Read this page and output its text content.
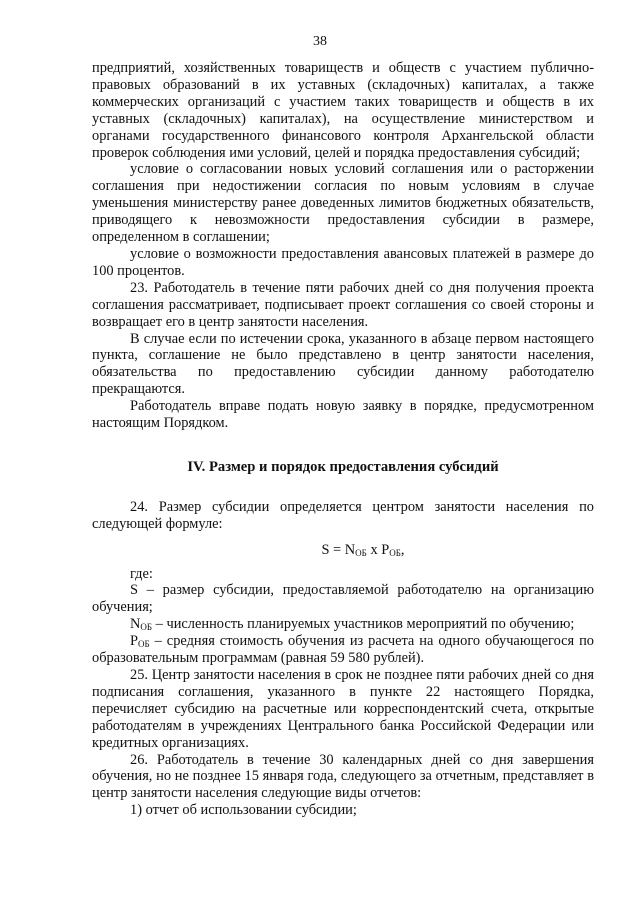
38

предприятий, хозяйственных товариществ и обществ с участием публично-правовых образований в их уставных (складочных) капиталах, а также коммерческих организаций с участием таких товариществ и обществ в их уставных (складочных) капиталах), на осуществление министерством и органами государственного финансового контроля Архангельской области проверок соблюдения ими условий, целей и порядка предоставления субсидий;

условие о согласовании новых условий соглашения или о расторжении соглашения при недостижении согласия по новым условиям в случае уменьшения министерству ранее доведенных лимитов бюджетных обязательств, приводящего к невозможности предоставления субсидии в размере, определенном в соглашении;

условие о возможности предоставления авансовых платежей в размере до 100 процентов.

23. Работодатель в течение пяти рабочих дней со дня получения проекта соглашения рассматривает, подписывает проект соглашения со своей стороны и возвращает его в центр занятости населения.

В случае если по истечении срока, указанного в абзаце первом настоящего пункта, соглашение не было представлено в центр занятости населения, обязательства по предоставлению субсидии данному работодателю прекращаются.

Работодатель вправе подать новую заявку в порядке, предусмотренном настоящим Порядком.

IV. Размер и порядок предоставления субсидий

24. Размер субсидии определяется центром занятости населения по следующей формуле:

$S = N_{ОБ}$ x $P_{ОБ}$,

где:

S – размер субсидии, предоставляемой работодателю на организацию обучения;

$N_{ОБ}$ – численность планируемых участников мероприятий по обучению;

$P_{ОБ}$ – средняя стоимость обучения из расчета на одного обучающегося по образовательным программам (равная 59 580 рублей).

25. Центр занятости населения в срок не позднее пяти рабочих дней со дня подписания соглашения, указанного в пункте 22 настоящего Порядка, перечисляет субсидию на расчетные или корреспондентский счета, открытые работодателям в учреждениях Центрального банка Российской Федерации или кредитных организациях.

26. Работодатель в течение 30 календарных дней со дня завершения обучения, но не позднее 15 января года, следующего за отчетным, представляет в центр занятости населения следующие виды отчетов:

1) отчет об использовании субсидии;
